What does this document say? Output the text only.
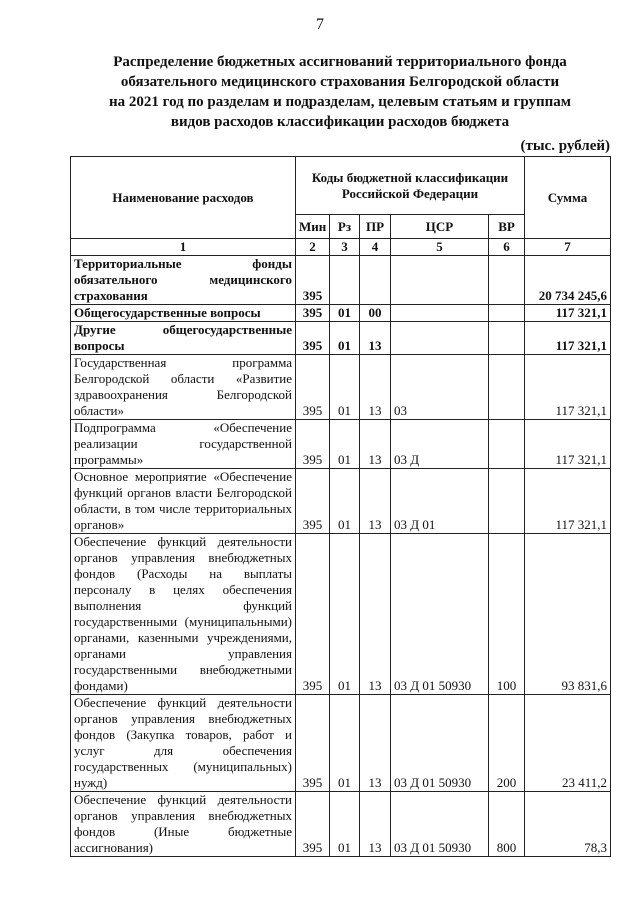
7
Распределение бюджетных ассигнований территориального фонда
обязательного медицинского страхования Белгородской области
на 2021 год по разделам и подразделам, целевым статьям и группам
видов расходов классификации расходов бюджета
(тыс. рублей)
Наименование расходов	Коды бюджетной классификации Российской Федерации					Сумма
	Мин	Рз	ПР	ЦСР	ВР	
1	2	3	4	5	6	7
Территориальные фонды обязательного медицинского страхования	395					20 734 245,6
Общегосударственные вопросы	395	01	00			117 321,1
Другие общегосударственные вопросы	395	01	13			117 321,1
Государственная программа Белгородской области «Развитие здравоохранения Белгородской области»	395	01	13	03		117 321,1
Подпрограмма «Обеспечение реализации государственной программы»	395	01	13	03 Д		117 321,1
Основное мероприятие «Обеспечение функций органов власти Белгородской области, в том числе территориальных органов»	395	01	13	03 Д 01		117 321,1
Обеспечение функций деятельности органов управления внебюджетных фондов (Расходы на выплаты персоналу в целях обеспечения выполнения функций государственными (муниципальными) органами, казенными учреждениями, органами управления государственными внебюджетными фондами)	395	01	13	03 Д 01 50930	100	93 831,6
Обеспечение функций деятельности органов управления внебюджетных фондов (Закупка товаров, работ и услуг для обеспечения государственных (муниципальных) нужд)	395	01	13	03 Д 01 50930	200	23 411,2
Обеспечение функций деятельности органов управления внебюджетных фондов (Иные бюджетные ассигнования)	395	01	13	03 Д 01 50930	800	78,3
